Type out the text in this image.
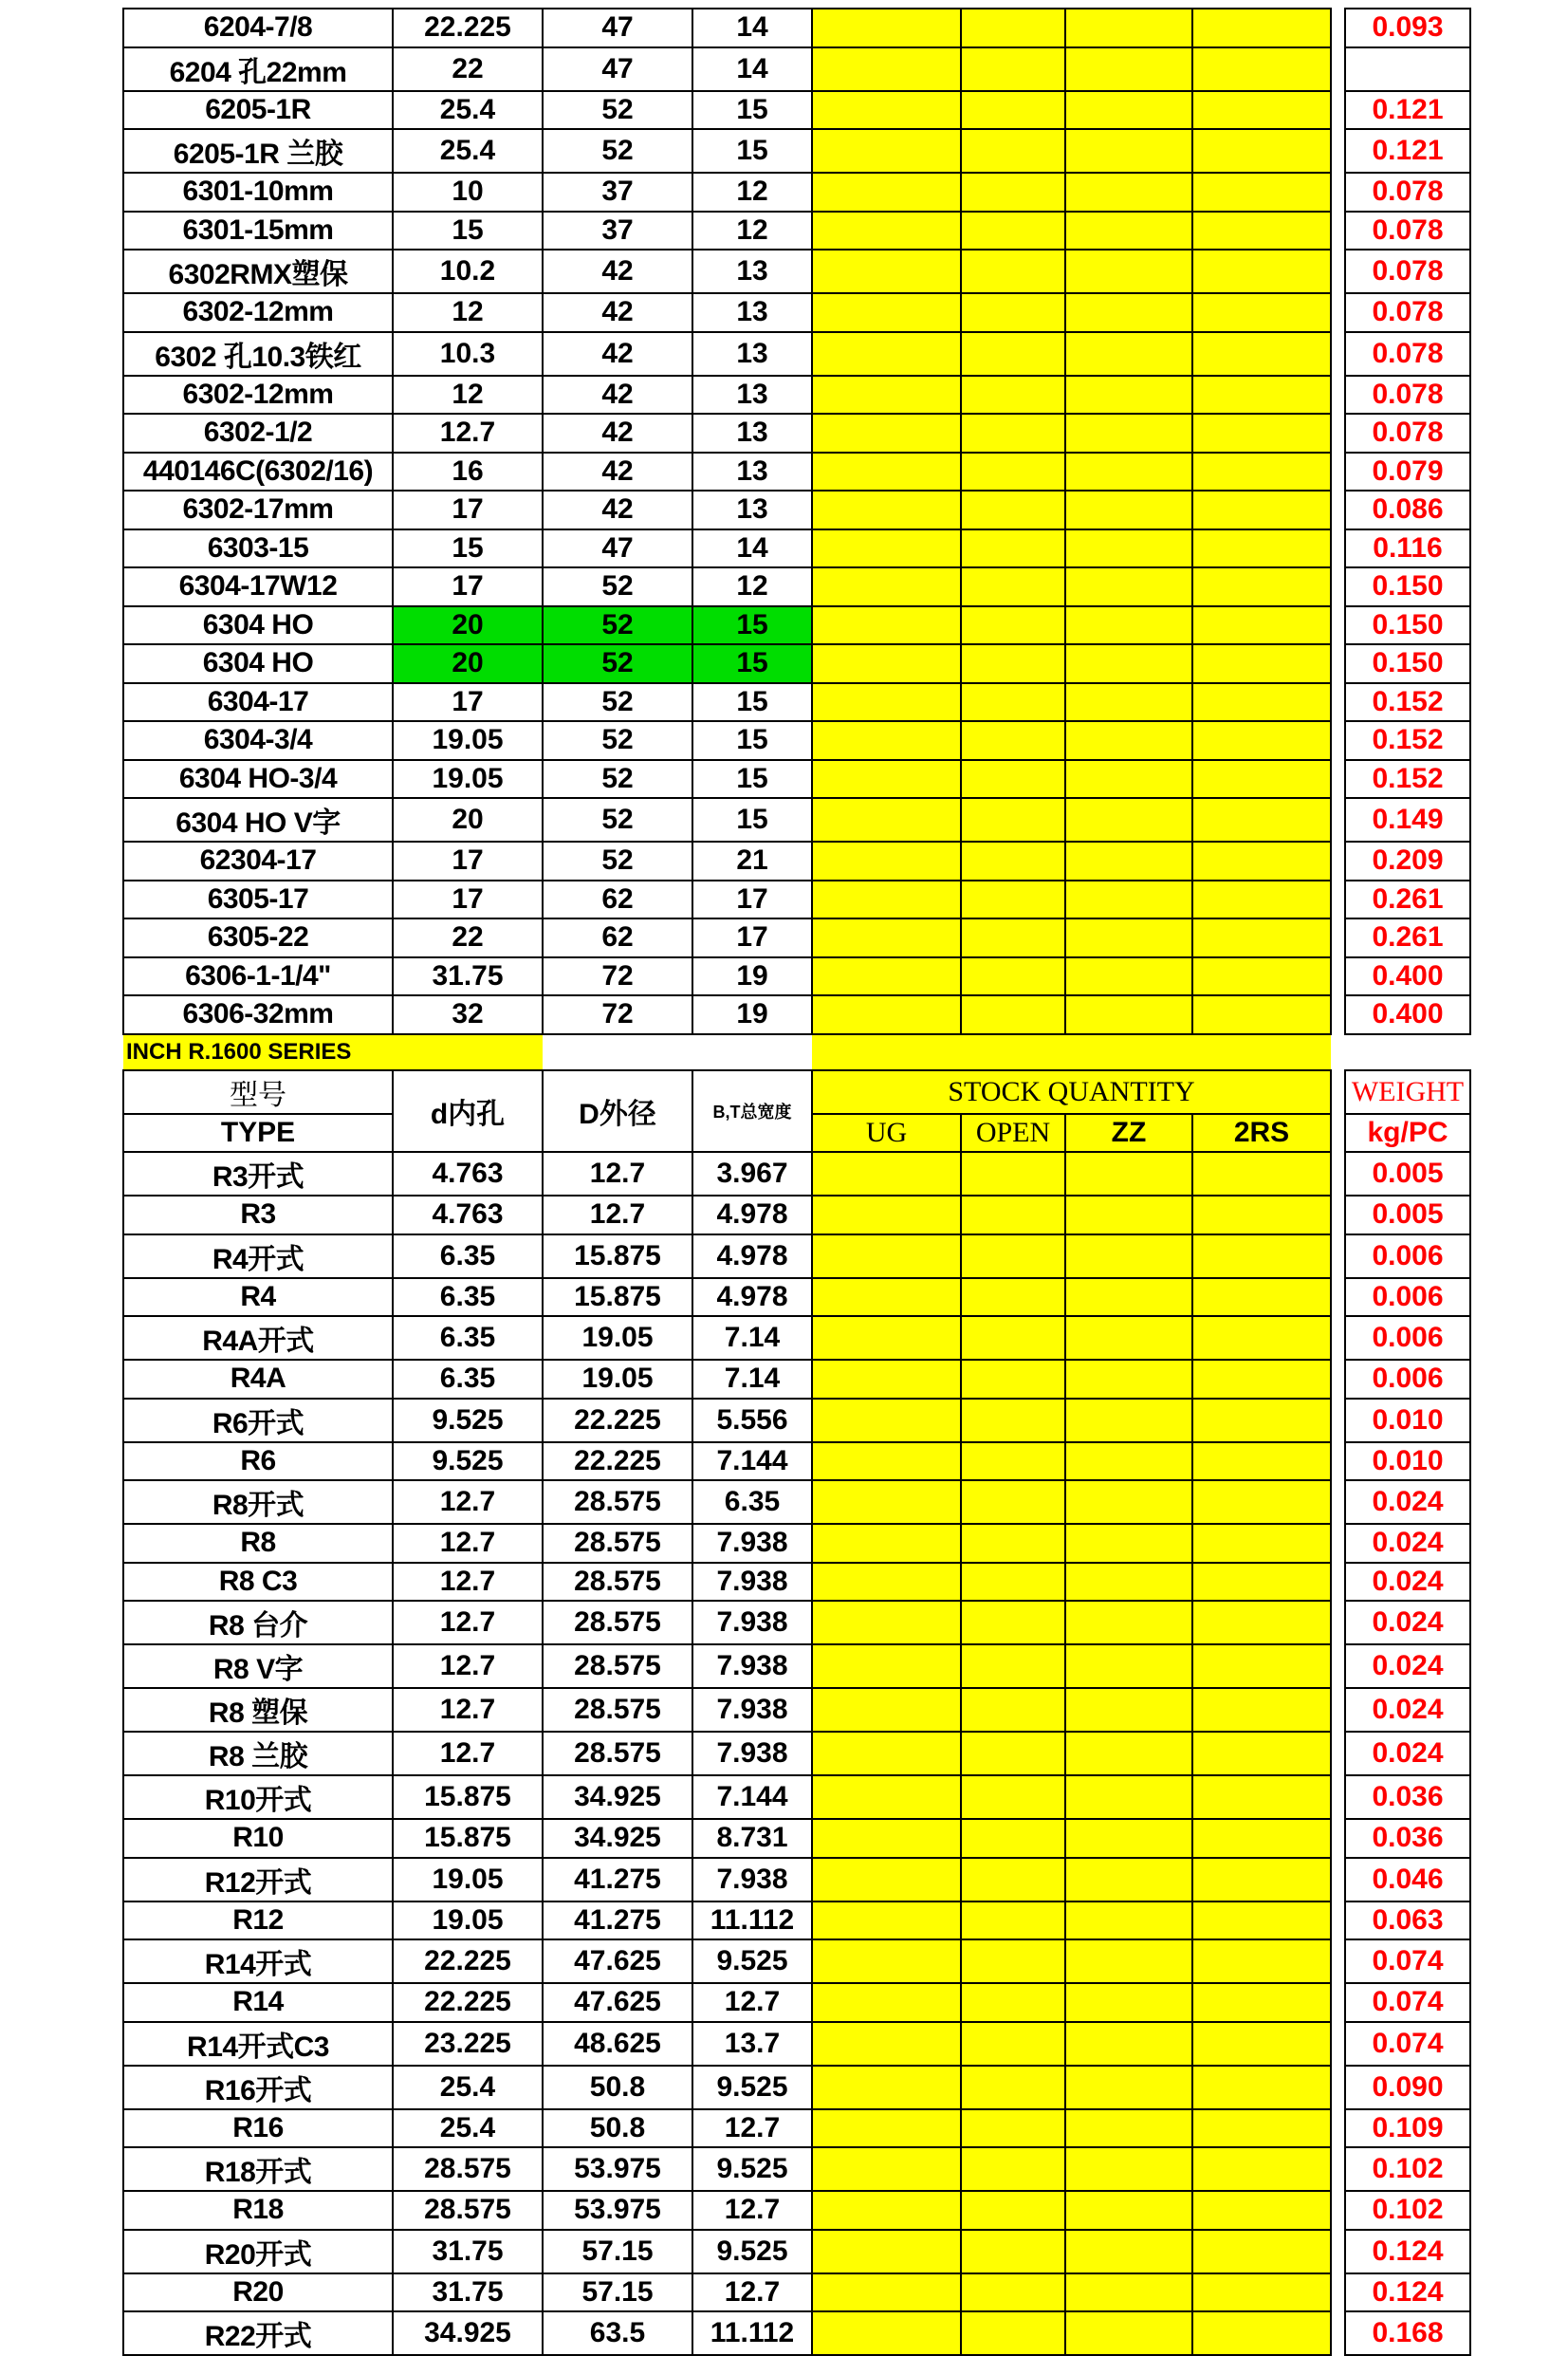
6204-7/8	22.225	47	14						0.093
6204 孔22mm	22	47	14						
6205-1R	25.4	52	15						0.121
6205-1R 兰胶	25.4	52	15						0.121
6301-10mm	10	37	12						0.078
6301-15mm	15	37	12						0.078
6302RMX塑保	10.2	42	13						0.078
6302-12mm	12	42	13						0.078
6302 孔10.3铁红	10.3	42	13						0.078
6302-12mm	12	42	13						0.078
6302-1/2	12.7	42	13						0.078
440146C(6302/16)	16	42	13						0.079
6302-17mm	17	42	13						0.086
6303-15	15	47	14						0.116
6304-17W12	17	52	12						0.150
6304 HO	20	52	15						0.150
6304 HO	20	52	15						0.150
6304-17	17	52	15						0.152
6304-3/4	19.05	52	15						0.152
6304 HO-3/4	19.05	52	15						0.152
6304 HO V字	20	52	15						0.149
62304-17	17	52	21						0.209
6305-17	17	62	17						0.261
6305-22	22	62	17						0.261
6306-1-1/4"	31.75	72	19						0.400
6306-32mm	32	72	19						0.400
INCH R.1600 SERIES									
型号	d内孔	D外径	B,T总宽度	STOCK QUANTITY					WEIGHT
TYPE				UG	OPEN	ZZ	2RS		kg/PC
R3开式	4.763	12.7	3.967						0.005
R3	4.763	12.7	4.978						0.005
R4开式	6.35	15.875	4.978						0.006
R4	6.35	15.875	4.978						0.006
R4A开式	6.35	19.05	7.14						0.006
R4A	6.35	19.05	7.14						0.006
R6开式	9.525	22.225	5.556						0.010
R6	9.525	22.225	7.144						0.010
R8开式	12.7	28.575	6.35						0.024
R8	12.7	28.575	7.938						0.024
R8 C3	12.7	28.575	7.938						0.024
R8 台介	12.7	28.575	7.938						0.024
R8 V字	12.7	28.575	7.938						0.024
R8 塑保	12.7	28.575	7.938						0.024
R8 兰胶	12.7	28.575	7.938						0.024
R10开式	15.875	34.925	7.144						0.036
R10	15.875	34.925	8.731						0.036
R12开式	19.05	41.275	7.938						0.046
R12	19.05	41.275	11.112						0.063
R14开式	22.225	47.625	9.525						0.074
R14	22.225	47.625	12.7						0.074
R14开式C3	23.225	48.625	13.7						0.074
R16开式	25.4	50.8	9.525						0.090
R16	25.4	50.8	12.7						0.109
R18开式	28.575	53.975	9.525						0.102
R18	28.575	53.975	12.7						0.102
R20开式	31.75	57.15	9.525						0.124
R20	31.75	57.15	12.7						0.124
R22开式	34.925	63.5	11.112						0.168
